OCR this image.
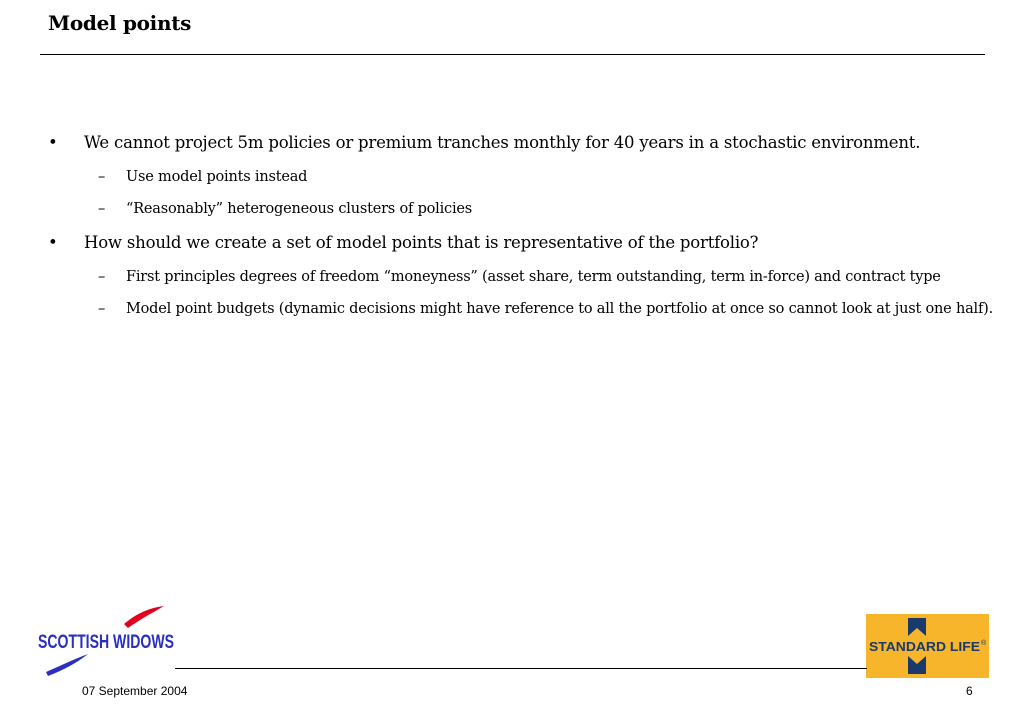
Model points
• We cannot project 5m policies or premium tranches monthly for 40 years in a stochastic environment.
– Use model points instead
– “Reasonably” heterogeneous clusters of policies
• How should we create a set of model points that is representative of the portfolio?
– First principles degrees of freedom “moneyness” (asset share, term outstanding, term in-force) and contract type
– Model point budgets (dynamic decisions might have reference to all the portfolio at once so cannot look at just one half).
SCOTTISH WIDOWS	STANDARD LIFE ®
07 September 2004	6
